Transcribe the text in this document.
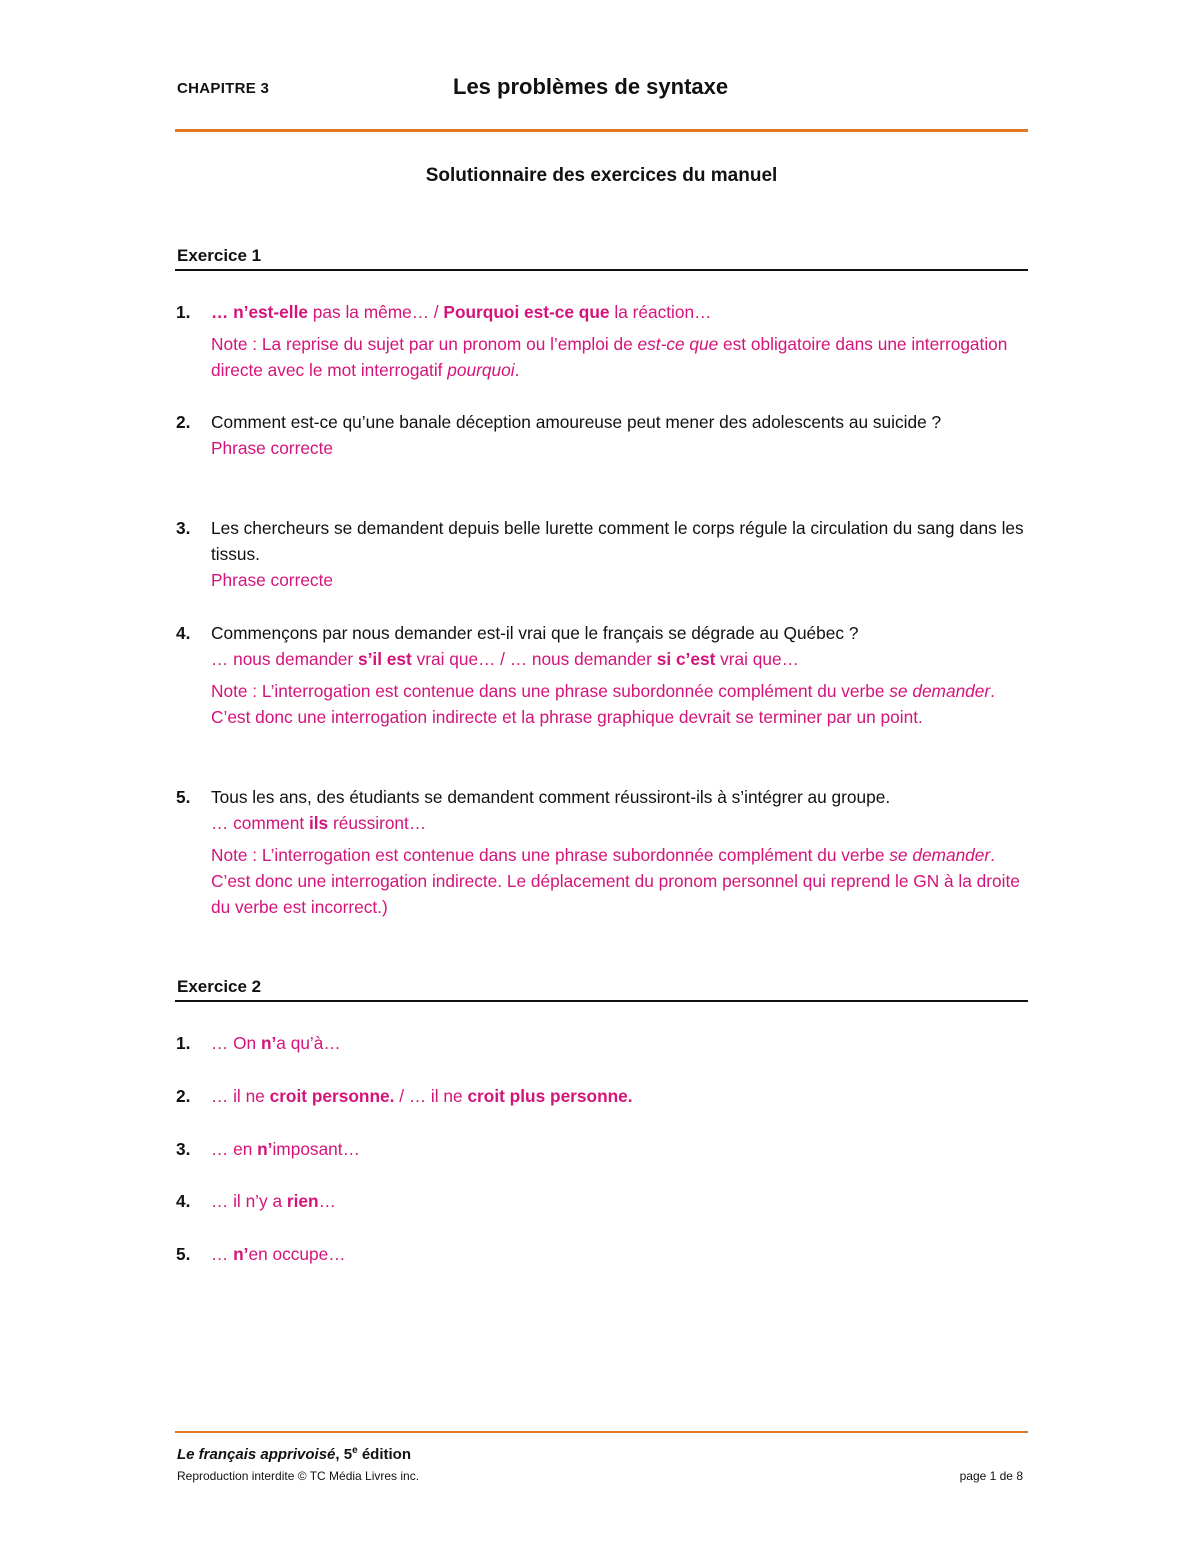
CHAPITRE 3	Les problèmes de syntaxe
Solutionnaire des exercices du manuel
Exercice 1
1. … n’est-elle pas la même… / Pourquoi est-ce que la réaction…
Note : La reprise du sujet par un pronom ou l’emploi de est-ce que est obligatoire dans une interrogation directe avec le mot interrogatif pourquoi.
2. Comment est-ce qu’une banale déception amoureuse peut mener des adolescents au suicide ?
Phrase correcte
3. Les chercheurs se demandent depuis belle lurette comment le corps régule la circulation du sang dans les tissus.
Phrase correcte
4. Commençons par nous demander est-il vrai que le français se dégrade au Québec ?
… nous demander s’il est vrai que… / … nous demander si c’est vrai que…
Note : L’interrogation est contenue dans une phrase subordonnée complément du verbe se demander. C’est donc une interrogation indirecte et la phrase graphique devrait se terminer par un point.
5. Tous les ans, des étudiants se demandent comment réussiront-ils à s’intégrer au groupe.
… comment ils réussiront…
Note : L’interrogation est contenue dans une phrase subordonnée complément du verbe se demander. C’est donc une interrogation indirecte. Le déplacement du pronom personnel qui reprend le GN à la droite du verbe est incorrect.)
Exercice 2
1. … On n’a qu’à…
2. … il ne croit personne. / … il ne croit plus personne.
3. … en n’imposant…
4. … il n’y a rien…
5. … n’en occupe…
Le français apprivoisé, 5e édition
Reproduction interdite © TC Média Livres inc.	page 1 de 8
